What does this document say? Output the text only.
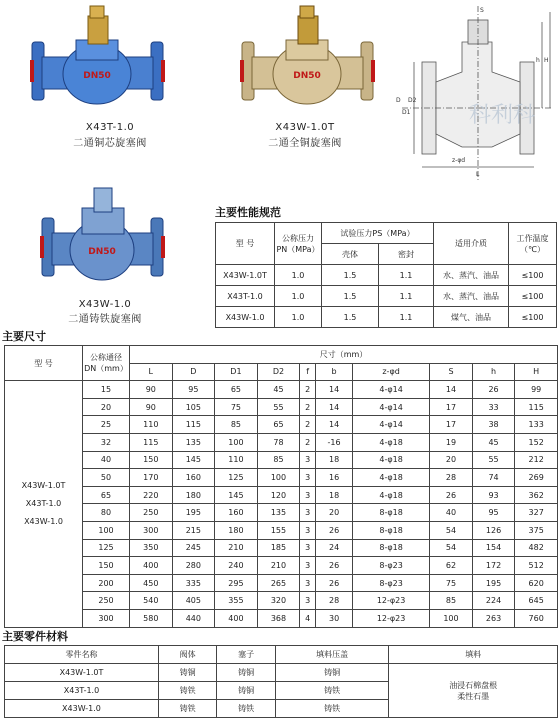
DN50	DN50
DN50
X43T-1.0
二通铜芯旋塞阀
X43W-1.0T
二通全铜旋塞阀
X43W-1.0
二通铸铁旋塞阀
科利科
H
h
D1
D2
D
z-φd
L
S
主要性能规范
型 号	公称压力
PN（MPa）	试验压力PS（MPa）		适用介质	工作温度
（℃）
		壳体	密封		
X43W-1.0T	1.0	1.5	1.1	水、蒸汽、油品	≤100
X43T-1.0	1.0	1.5	1.1	水、蒸汽、油品	≤100
X43W-1.0	1.0	1.5	1.1	煤气、油品	≤100
主要尺寸
型 号	公称通径
DN（mm）	尺寸（mm）									
		L	D	D1	D2	f	b	z-φd	S	h	H

X43W-1.0T
X43T-1.0
X43W-1.0	15	90	95	65	45	2	14	4-φ14	14	26	99
	20	90	105	75	55	2	14	4-φ14	17	33	115
	25	110	115	85	65	2	14	4-φ14	17	38	133
	32	115	135	100	78	2	-16	4-φ18	19	45	152
	40	150	145	110	85	3	18	4-φ18	20	55	212
	50	170	160	125	100	3	16	4-φ18	28	74	269
	65	220	180	145	120	3	18	4-φ18	26	93	362
	80	250	195	160	135	3	20	8-φ18	40	95	327
	100	300	215	180	155	3	26	8-φ18	54	126	375
	125	350	245	210	185	3	24	8-φ18	54	154	482
	150	400	280	240	210	3	26	8-φ23	62	172	512
	200	450	335	295	265	3	26	8-φ23	75	195	620
	250	540	405	355	320	3	28	12-φ23	85	224	645
	300	580	440	400	368	4	30	12-φ23	100	263	760
主要零件材料
零件名称	阀体	塞子	填料压盖	填料
X43W-1.0T	铸铜	铸铜	铸铜	油浸石棉盘根
柔性石墨
X43T-1.0	铸铁	铸铜	铸铁	
X43W-1.0	铸铁	铸铁	铸铁	
